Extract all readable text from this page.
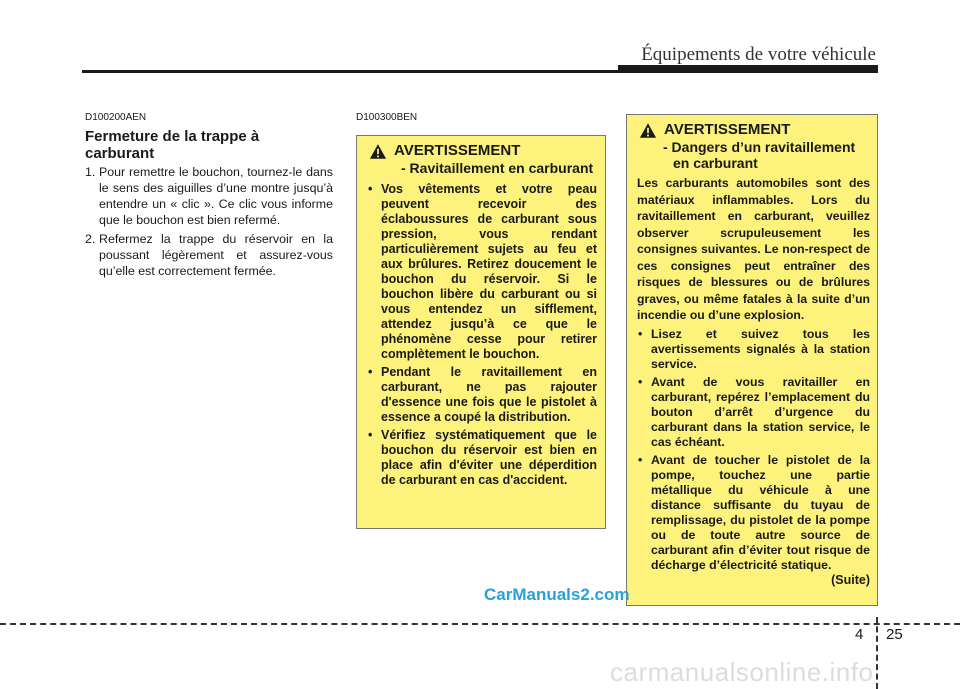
Équipements de votre véhicule
D100200AEN
Fermeture de la trappe à carburant
1. Pour remettre le bouchon, tournez-le dans le sens des aiguilles d’une montre jusqu’à entendre un « clic ». Ce clic vous informe que le bouchon est bien refermé.
2. Refermez la trappe du réservoir en la poussant légèrement et assurez-vous qu’elle est correctement fermée.
D100300BEN
AVERTISSEMENT
- Ravitaillement en carburant
• Vos vêtements et votre peau peuvent recevoir des éclaboussures de carburant sous pression, vous rendant particulièrement sujets au feu et aux brûlures. Retirez doucement le bouchon du réservoir. Si le bouchon libère du carburant ou si vous entendez un sifflement, attendez jusqu’à ce que le phénomène cesse pour retirer complètement le bouchon.
• Pendant le ravitaillement en carburant, ne pas rajouter d'essence une fois que le pistolet à essence a coupé la distribution.
• Vérifiez systématiquement que le bouchon du réservoir est bien en place afin d'éviter une déperdition de carburant en cas d'accident.
AVERTISSEMENT
- Dangers d’un ravitaillement en carburant
Les carburants automobiles sont des matériaux inflammables. Lors du ravitaillement en carburant, veuillez observer scrupuleusement les consignes suivantes. Le non-respect de ces consignes peut entraîner des risques de blessures ou de brûlures graves, ou même fatales à la suite d’un incendie ou d’une explosion.
• Lisez et suivez tous les avertissements signalés à la station service.
• Avant de vous ravitailler en carburant, repérez l’emplacement du bouton d’arrêt d’urgence du carburant dans la station service, le cas échéant.
• Avant de toucher le pistolet de la pompe, touchez une partie métallique du véhicule à une distance suffisante du tuyau de remplissage, du pistolet de la pompe ou de toute autre source de carburant afin d’éviter tout risque de décharge d’électricité statique.
(Suite)
CarManuals2.com
4 25
carmanualsonline.info
